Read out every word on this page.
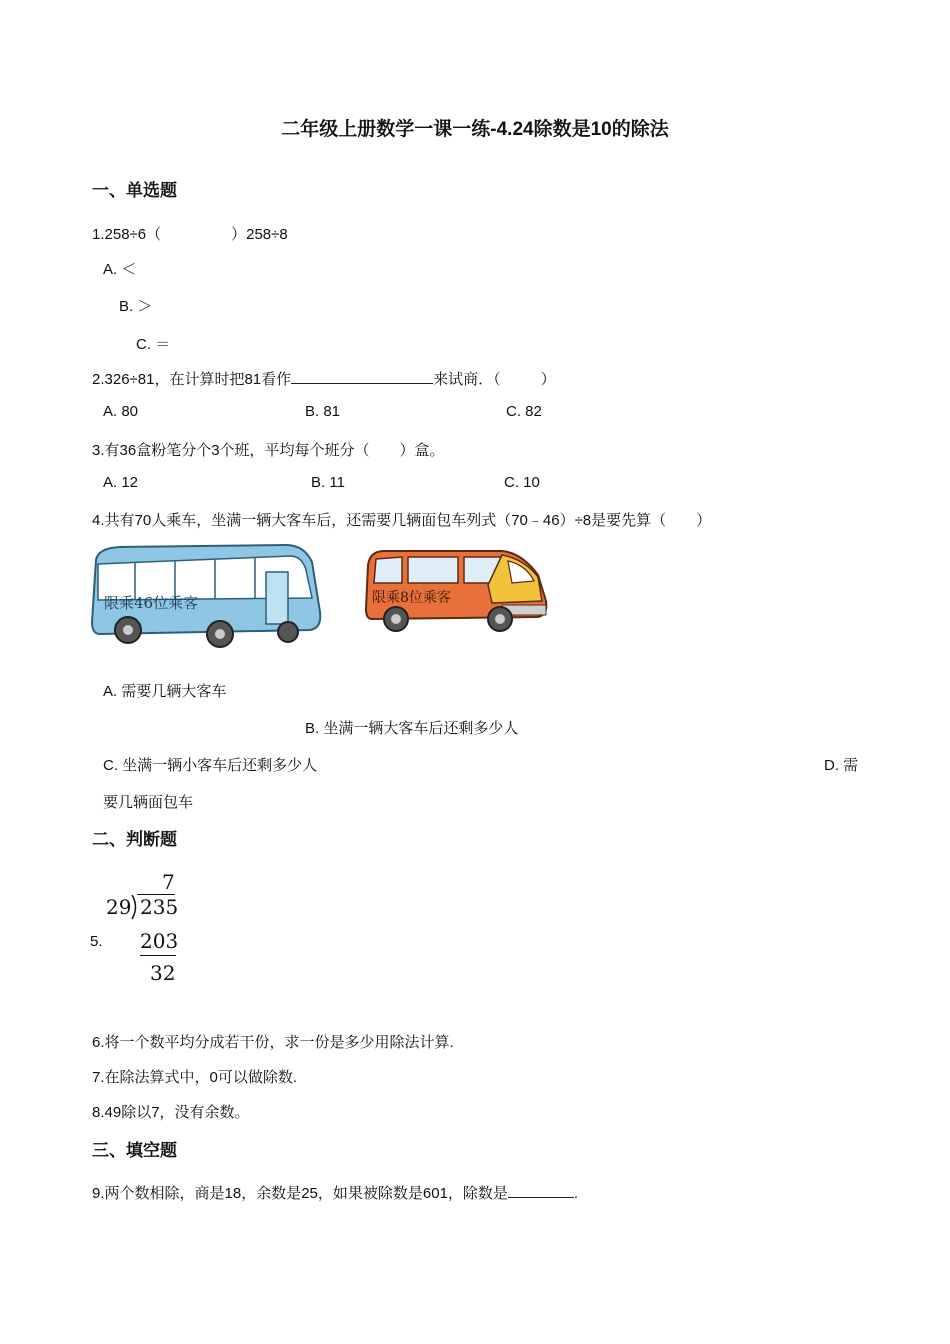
二年级上册数学一课一练-4.24除数是10的除法
一、单选题
1.258÷6（	）258÷8
A. ＜
B. ＞
C. ＝
2.326÷81，在计算时把81看作	来试商．（	）
A. 80	B. 81	C. 82
3.有36盒粉笔分个3个班，平均每个班分（　　）盒。
A. 12	B. 11	C. 10
4.共有70人乘车，坐满一辆大客车后，还需要几辆面包车列式（70﹣46）÷8是要先算（　　）
限乘46位乘客	限乘8位乘客
A. 需要几辆大客车
B. 坐满一辆大客车后还剩多少人
C. 坐满一辆小客车后还剩多少人	D. 需
要几辆面包车
二、判断题
5.
7
29 235
203
32
6.将一个数平均分成若干份，求一份是多少用除法计算.
7.在除法算式中，0可以做除数.
8.49除以7，没有余数。
三、填空题
9.两个数相除，商是18，余数是25，如果被除数是601，除数是	.
